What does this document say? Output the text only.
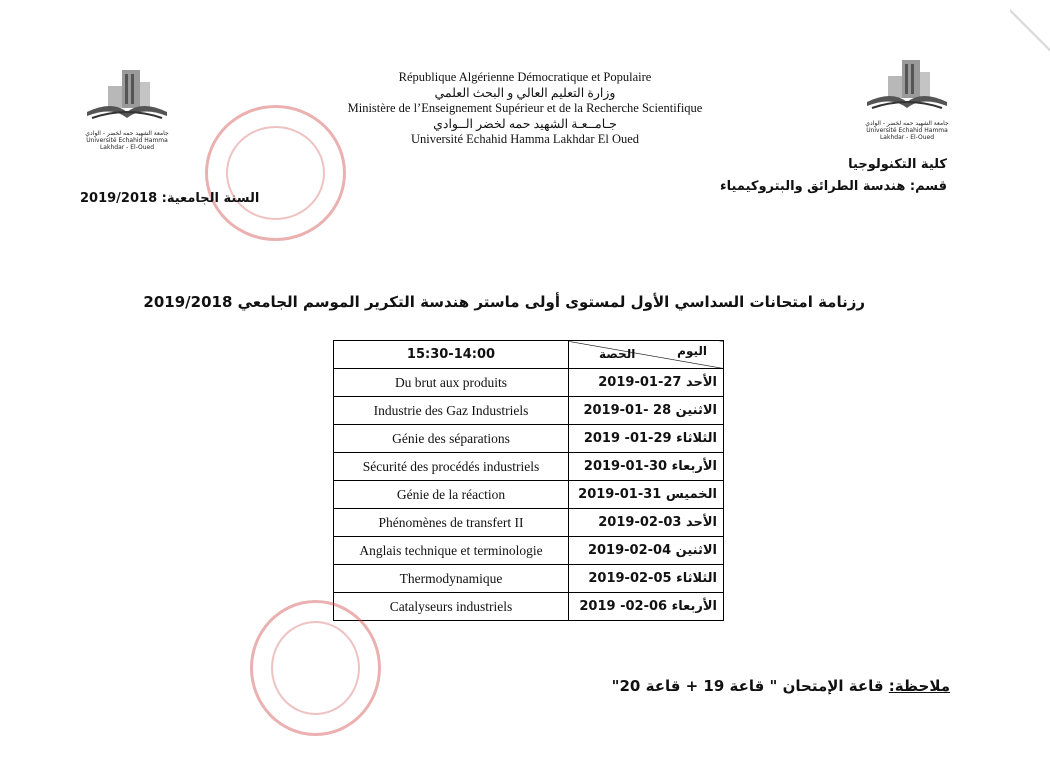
جامعة الشهيد حمه لخضر - الوادي
Université Echahid Hamma Lakhdar - El-Oued
جامعة الشهيد حمه لخضر - الوادي
Université Echahid Hamma Lakhdar - El-Oued
République Algérienne Démocratique et Populaire
وزارة التعليم العالي و البحث العلمي
Ministère de l’Enseignement Supérieur et de la Recherche Scientifique
جـامــعـة الشهيد حمه لخضر الــوادي
Université Echahid Hamma Lakhdar El Oued
كلية التكنولوجيا
قسم: هندسة الطرائق والبتروكيمياء
السنة الجامعية: 2019/2018
رزنامة امتحانات السداسي الأول لمستوى أولى ماستر هندسة التكرير الموسم الجامعي 2019/2018
15:30-14:00	الحصة اليوم

Du brut aux produits	الأحد 27-01-2019
Industrie des Gaz Industriels	الاثنين 28 -01-2019
Génie des séparations	الثلاثاء 29-01- 2019
Sécurité des procédés industriels	الأربعاء 30-01-2019
Génie de la réaction	الخميس 31-01-2019
Phénomènes de transfert II	الأحد 03-02-2019
Anglais technique et terminologie	الاثنين 04-02-2019
Thermodynamique	الثلاثاء 05-02-2019
Catalyseurs industriels	الأربعاء 06-02- 2019
ملاحظة: قاعة الإمتحان " قاعة 19 + قاعة 20"
